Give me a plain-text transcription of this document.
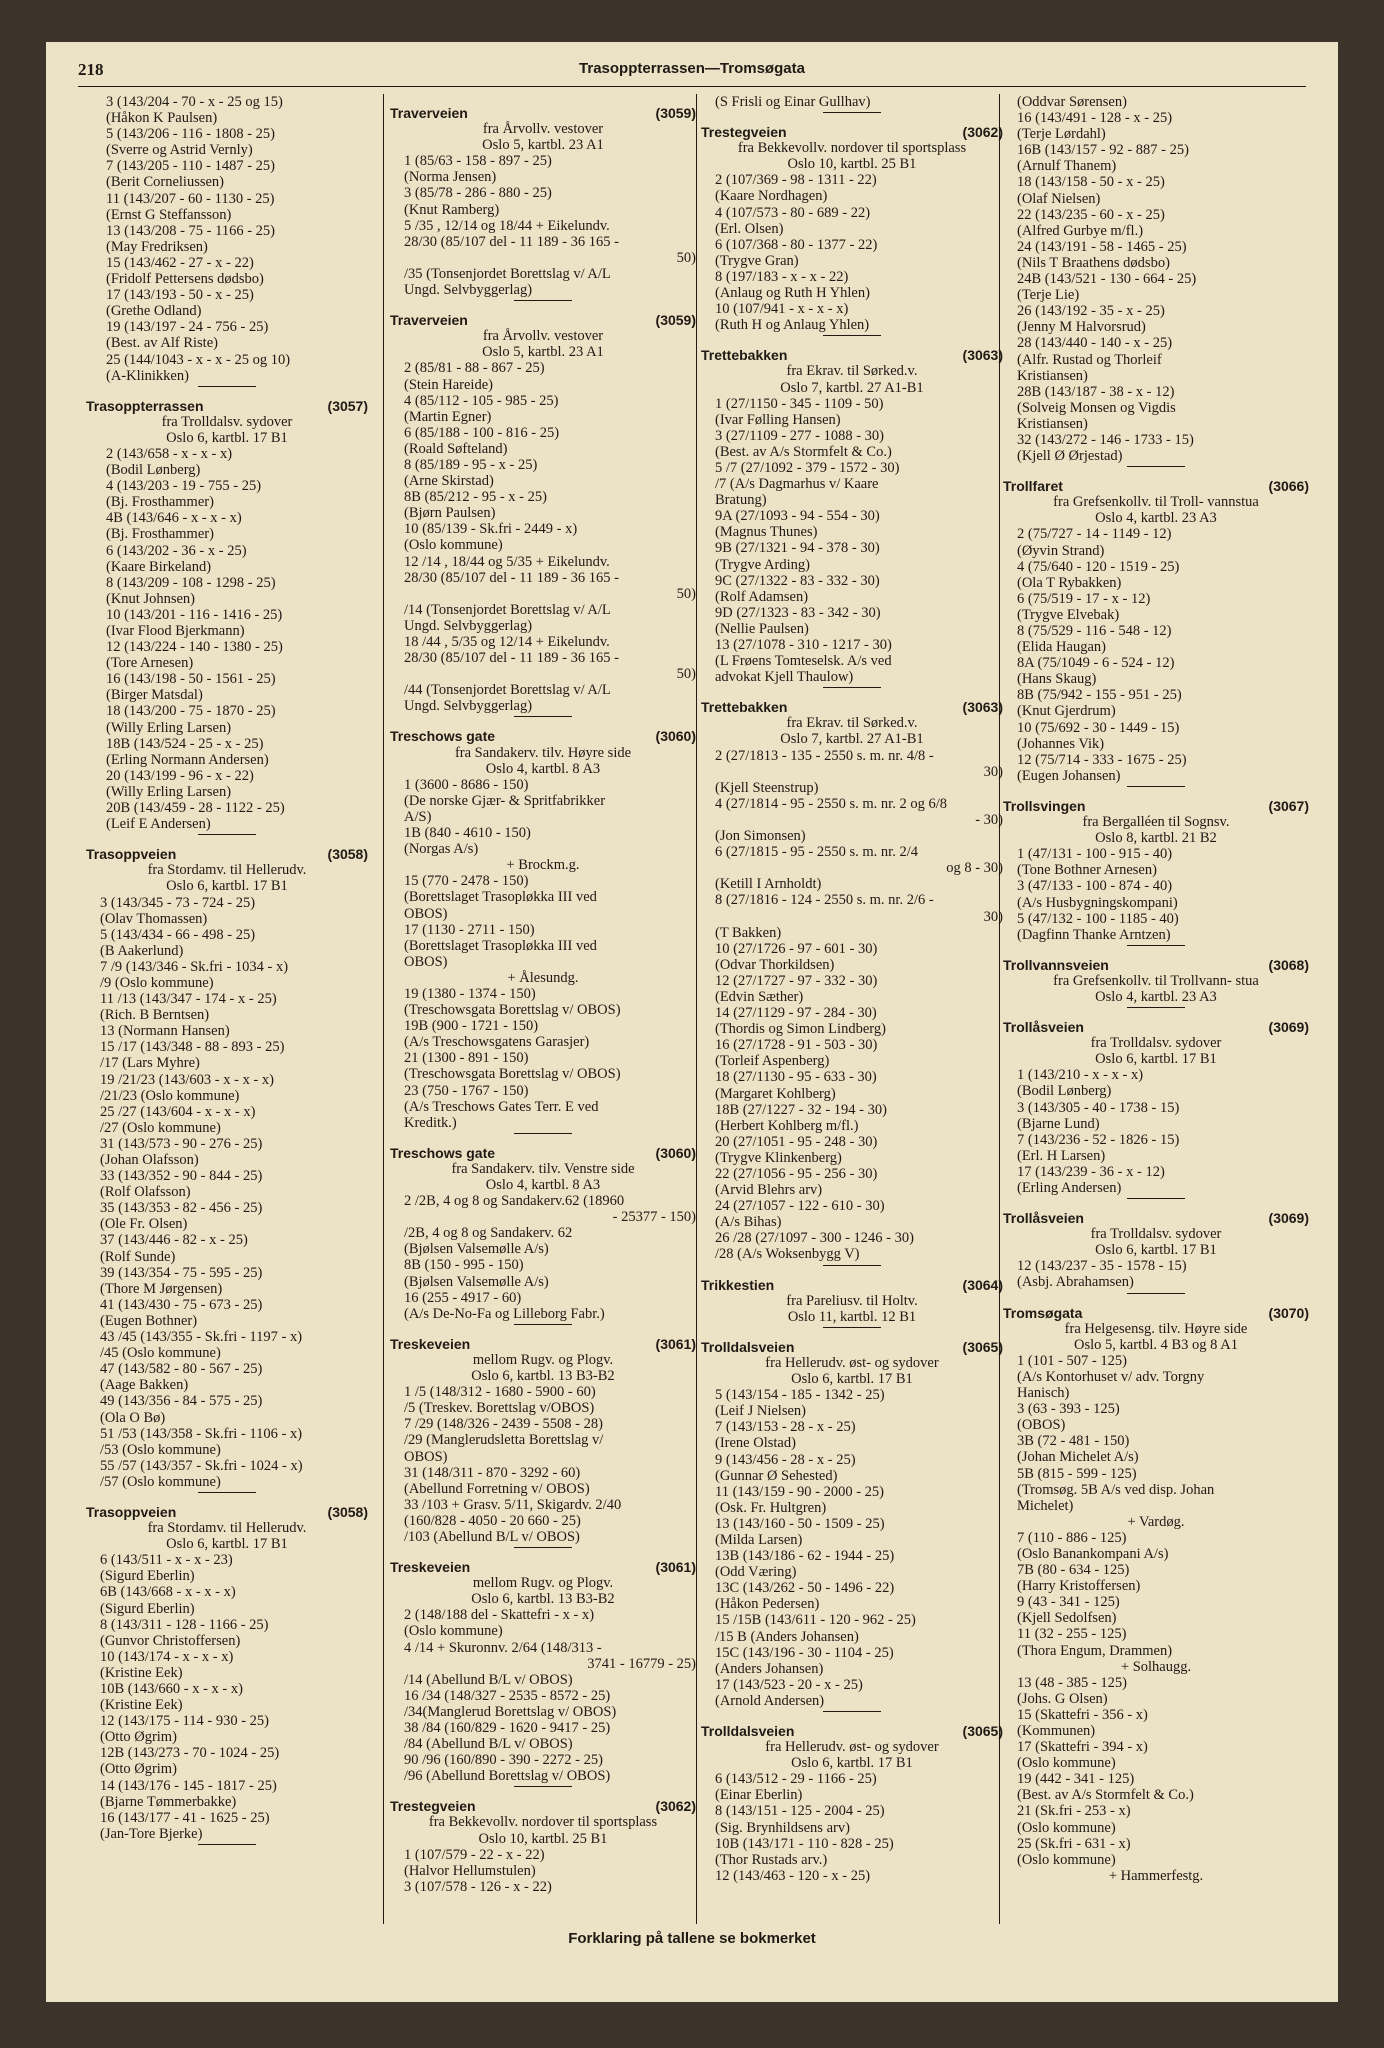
218	Trasoppterrassen—Tromsøgata
3 (143/204 - 70 - x - 25 og 15)
(Håkon K Paulsen)
5 (143/206 - 116 - 1808 - 25)
(Sverre og Astrid Vernly)
7 (143/205 - 110 - 1487 - 25)
(Berit Corneliussen)
11 (143/207 - 60 - 1130 - 25)
(Ernst G Steffansson)
13 (143/208 - 75 - 1166 - 25)
(May Fredriksen)
15 (143/462 - 27 - x - 22)
(Fridolf Pettersens dødsbo)
17 (143/193 - 50 - x - 25)
(Grethe Odland)
19 (143/197 - 24 - 756 - 25)
(Best. av Alf Riste)
25 (144/1043 - x - x - 25 og 10)
(A-Klinikken)
Trasoppterrassen	(3057)
fra Trolldalsv. sydover
Oslo 6, kartbl. 17 B1
2 (143/658 - x - x - x)
(Bodil Lønberg)
4 (143/203 - 19 - 755 - 25)
(Bj. Frosthammer)
4B (143/646 - x - x - x)
(Bj. Frosthammer)
6 (143/202 - 36 - x - 25)
(Kaare Birkeland)
8 (143/209 - 108 - 1298 - 25)
(Knut Johnsen)
10 (143/201 - 116 - 1416 - 25)
(Ivar Flood Bjerkmann)
12 (143/224 - 140 - 1380 - 25)
(Tore Arnesen)
16 (143/198 - 50 - 1561 - 25)
(Birger Matsdal)
18 (143/200 - 75 - 1870 - 25)
(Willy Erling Larsen)
18B (143/524 - 25 - x - 25)
(Erling Normann Andersen)
20 (143/199 - 96 - x - 22)
(Willy Erling Larsen)
20B (143/459 - 28 - 1122 - 25)
(Leif E Andersen)
Trasoppveien	(3058)
fra Stordamv. til Hellerudv.
Oslo 6, kartbl. 17 B1
3 (143/345 - 73 - 724 - 25)
(Olav Thomassen)
5 (143/434 - 66 - 498 - 25)
(B Aakerlund)
7 /9 (143/346 - Sk.fri - 1034 - x)
/9 (Oslo kommune)
11 /13 (143/347 - 174 - x - 25)
(Rich. B Berntsen)
13 (Normann Hansen)
15 /17 (143/348 - 88 - 893 - 25)
/17 (Lars Myhre)
19 /21/23 (143/603 - x - x - x)
/21/23 (Oslo kommune)
25 /27 (143/604 - x - x - x)
/27 (Oslo kommune)
31 (143/573 - 90 - 276 - 25)
(Johan Olafsson)
33 (143/352 - 90 - 844 - 25)
(Rolf Olafsson)
35 (143/353 - 82 - 456 - 25)
(Ole Fr. Olsen)
37 (143/446 - 82 - x - 25)
(Rolf Sunde)
39 (143/354 - 75 - 595 - 25)
(Thore M Jørgensen)
41 (143/430 - 75 - 673 - 25)
(Eugen Bothner)
43 /45 (143/355 - Sk.fri - 1197 - x)
/45 (Oslo kommune)
47 (143/582 - 80 - 567 - 25)
(Aage Bakken)
49 (143/356 - 84 - 575 - 25)
(Ola O Bø)
51 /53 (143/358 - Sk.fri - 1106 - x)
/53 (Oslo kommune)
55 /57 (143/357 - Sk.fri - 1024 - x)
/57 (Oslo kommune)
Trasoppveien	(3058)
fra Stordamv. til Hellerudv.
Oslo 6, kartbl. 17 B1
6 (143/511 - x - x - 23)
(Sigurd Eberlin)
6B (143/668 - x - x - x)
(Sigurd Eberlin)
8 (143/311 - 128 - 1166 - 25)
(Gunvor Christoffersen)
10 (143/174 - x - x - x)
(Kristine Eek)
10B (143/660 - x - x - x)
(Kristine Eek)
12 (143/175 - 114 - 930 - 25)
(Otto Øgrim)
12B (143/273 - 70 - 1024 - 25)
(Otto Øgrim)
14 (143/176 - 145 - 1817 - 25)
(Bjarne Tømmerbakke)
16 (143/177 - 41 - 1625 - 25)
(Jan-Tore Bjerke)
Traverveien	(3059)
fra Årvollv. vestover
Oslo 5, kartbl. 23 A1
1 (85/63 - 158 - 897 - 25)
(Norma Jensen)
3 (85/78 - 286 - 880 - 25)
(Knut Ramberg)
5 /35 , 12/14 og 18/44 + Eikelundv.
28/30 (85/107 del - 11 189 - 36 165 -
50)
/35 (Tonsenjordet Borettslag v/ A/L
Ungd. Selvbyggerlag)
Traverveien	(3059)
fra Årvollv. vestover
Oslo 5, kartbl. 23 A1
2 (85/81 - 88 - 867 - 25)
(Stein Hareide)
4 (85/112 - 105 - 985 - 25)
(Martin Egner)
6 (85/188 - 100 - 816 - 25)
(Roald Søfteland)
8 (85/189 - 95 - x - 25)
(Arne Skirstad)
8B (85/212 - 95 - x - 25)
(Bjørn Paulsen)
10 (85/139 - Sk.fri - 2449 - x)
(Oslo kommune)
12 /14 , 18/44 og 5/35 + Eikelundv.
28/30 (85/107 del - 11 189 - 36 165 -
50)
/14 (Tonsenjordet Borettslag v/ A/L
Ungd. Selvbyggerlag)
18 /44 , 5/35 og 12/14 + Eikelundv.
28/30 (85/107 del - 11 189 - 36 165 -
50)
/44 (Tonsenjordet Borettslag v/ A/L
Ungd. Selvbyggerlag)
Treschows gate	(3060)
fra Sandakerv. tilv. Høyre side
Oslo 4, kartbl. 8 A3
1 (3600 - 8686 - 150)
(De norske Gjær- & Spritfabrikker
A/S)
1B (840 - 4610 - 150)
(Norgas A/s)
+ Brockm.g.
15 (770 - 2478 - 150)
(Borettslaget Trasopløkka III ved
OBOS)
17 (1130 - 2711 - 150)
(Borettslaget Trasopløkka III ved
OBOS)
+ Ålesundg.
19 (1380 - 1374 - 150)
(Treschowsgata Borettslag v/ OBOS)
19B (900 - 1721 - 150)
(A/s Treschowsgatens Garasjer)
21 (1300 - 891 - 150)
(Treschowsgata Borettslag v/ OBOS)
23 (750 - 1767 - 150)
(A/s Treschows Gates Terr. E ved
Kreditk.)
Treschows gate	(3060)
fra Sandakerv. tilv. Venstre side
Oslo 4, kartbl. 8 A3
2 /2B, 4 og 8 og Sandakerv.62 (18960
- 25377 - 150)
/2B, 4 og 8 og Sandakerv. 62
(Bjølsen Valsemølle A/s)
8B (150 - 995 - 150)
(Bjølsen Valsemølle A/s)
16 (255 - 4917 - 60)
(A/s De-No-Fa og Lilleborg Fabr.)
Treskeveien	(3061)
mellom Rugv. og Plogv.
Oslo 6, kartbl. 13 B3-B2
1 /5 (148/312 - 1680 - 5900 - 60)
/5 (Treskev. Borettslag v/OBOS)
7 /29 (148/326 - 2439 - 5508 - 28)
/29 (Manglerudsletta Borettslag v/
OBOS)
31 (148/311 - 870 - 3292 - 60)
(Abellund Forretning v/ OBOS)
33 /103 + Grasv. 5/11, Skigardv. 2/40
(160/828 - 4050 - 20 660 - 25)
/103 (Abellund B/L v/ OBOS)
Treskeveien	(3061)
mellom Rugv. og Plogv.
Oslo 6, kartbl. 13 B3-B2
2 (148/188 del - Skattefri - x - x)
(Oslo kommune)
4 /14 + Skuronnv. 2/64 (148/313 -
3741 - 16779 - 25)
/14 (Abellund B/L v/ OBOS)
16 /34 (148/327 - 2535 - 8572 - 25)
/34(Manglerud Borettslag v/ OBOS)
38 /84 (160/829 - 1620 - 9417 - 25)
/84 (Abellund B/L v/ OBOS)
90 /96 (160/890 - 390 - 2272 - 25)
/96 (Abellund Borettslag v/ OBOS)
Trestegveien	(3062)
fra Bekkevollv. nordover til sportsplass
Oslo 10, kartbl. 25 B1
1 (107/579 - 22 - x - 22)
(Halvor Hellumstulen)
3 (107/578 - 126 - x - 22)
(S Frisli og Einar Gullhav)
Trestegveien	(3062)
fra Bekkevollv. nordover til sportsplass
Oslo 10, kartbl. 25 B1
2 (107/369 - 98 - 1311 - 22)
(Kaare Nordhagen)
4 (107/573 - 80 - 689 - 22)
(Erl. Olsen)
6 (107/368 - 80 - 1377 - 22)
(Trygve Gran)
8 (197/183 - x - x - 22)
(Anlaug og Ruth H Yhlen)
10 (107/941 - x - x - x)
(Ruth H og Anlaug Yhlen)
Trettebakken	(3063)
fra Ekrav. til Sørked.v.
Oslo 7, kartbl. 27 A1-B1
1 (27/1150 - 345 - 1109 - 50)
(Ivar Følling Hansen)
3 (27/1109 - 277 - 1088 - 30)
(Best. av A/s Stormfelt & Co.)
5 /7 (27/1092 - 379 - 1572 - 30)
/7 (A/s Dagmarhus v/ Kaare
Bratung)
9A (27/1093 - 94 - 554 - 30)
(Magnus Thunes)
9B (27/1321 - 94 - 378 - 30)
(Trygve Arding)
9C (27/1322 - 83 - 332 - 30)
(Rolf Adamsen)
9D (27/1323 - 83 - 342 - 30)
(Nellie Paulsen)
13 (27/1078 - 310 - 1217 - 30)
(L Frøens Tomteselsk. A/s ved
advokat Kjell Thaulow)
Trettebakken	(3063)
fra Ekrav. til Sørked.v.
Oslo 7, kartbl. 27 A1-B1
2 (27/1813 - 135 - 2550 s. m. nr. 4/8 -
30)
(Kjell Steenstrup)
4 (27/1814 - 95 - 2550 s. m. nr. 2 og 6/8
- 30)
(Jon Simonsen)
6 (27/1815 - 95 - 2550 s. m. nr. 2/4
og 8 - 30)
(Ketill I Arnholdt)
8 (27/1816 - 124 - 2550 s. m. nr. 2/6 -
30)
(T Bakken)
10 (27/1726 - 97 - 601 - 30)
(Odvar Thorkildsen)
12 (27/1727 - 97 - 332 - 30)
(Edvin Sæther)
14 (27/1129 - 97 - 284 - 30)
(Thordis og Simon Lindberg)
16 (27/1728 - 91 - 503 - 30)
(Torleif Aspenberg)
18 (27/1130 - 95 - 633 - 30)
(Margaret Kohlberg)
18B (27/1227 - 32 - 194 - 30)
(Herbert Kohlberg m/fl.)
20 (27/1051 - 95 - 248 - 30)
(Trygve Klinkenberg)
22 (27/1056 - 95 - 256 - 30)
(Arvid Blehrs arv)
24 (27/1057 - 122 - 610 - 30)
(A/s Bihas)
26 /28 (27/1097 - 300 - 1246 - 30)
/28 (A/s Woksenbygg V)
Trikkestien	(3064)
fra Pareliusv. til Holtv.
Oslo 11, kartbl. 12 B1
Trolldalsveien	(3065)
fra Hellerudv. øst- og sydover
Oslo 6, kartbl. 17 B1
5 (143/154 - 185 - 1342 - 25)
(Leif J Nielsen)
7 (143/153 - 28 - x - 25)
(Irene Olstad)
9 (143/456 - 28 - x - 25)
(Gunnar Ø Sehested)
11 (143/159 - 90 - 2000 - 25)
(Osk. Fr. Hultgren)
13 (143/160 - 50 - 1509 - 25)
(Milda Larsen)
13B (143/186 - 62 - 1944 - 25)
(Odd Væring)
13C (143/262 - 50 - 1496 - 22)
(Håkon Pedersen)
15 /15B (143/611 - 120 - 962 - 25)
/15 B (Anders Johansen)
15C (143/196 - 30 - 1104 - 25)
(Anders Johansen)
17 (143/523 - 20 - x - 25)
(Arnold Andersen)
Trolldalsveien	(3065)
fra Hellerudv. øst- og sydover
Oslo 6, kartbl. 17 B1
6 (143/512 - 29 - 1166 - 25)
(Einar Eberlin)
8 (143/151 - 125 - 2004 - 25)
(Sig. Brynhildsens arv)
10B (143/171 - 110 - 828 - 25)
(Thor Rustads arv.)
12 (143/463 - 120 - x - 25)
(Oddvar Sørensen)
16 (143/491 - 128 - x - 25)
(Terje Lørdahl)
16B (143/157 - 92 - 887 - 25)
(Arnulf Thanem)
18 (143/158 - 50 - x - 25)
(Olaf Nielsen)
22 (143/235 - 60 - x - 25)
(Alfred Gurbye m/fl.)
24 (143/191 - 58 - 1465 - 25)
(Nils T Braathens dødsbo)
24B (143/521 - 130 - 664 - 25)
(Terje Lie)
26 (143/192 - 35 - x - 25)
(Jenny M Halvorsrud)
28 (143/440 - 140 - x - 25)
(Alfr. Rustad og Thorleif
Kristiansen)
28B (143/187 - 38 - x - 12)
(Solveig Monsen og Vigdis
Kristiansen)
32 (143/272 - 146 - 1733 - 15)
(Kjell Ø Ørjestad)
Trollfaret	(3066)
fra Grefsenkollv. til Troll- vannstua
Oslo 4, kartbl. 23 A3
2 (75/727 - 14 - 1149 - 12)
(Øyvin Strand)
4 (75/640 - 120 - 1519 - 25)
(Ola T Rybakken)
6 (75/519 - 17 - x - 12)
(Trygve Elvebak)
8 (75/529 - 116 - 548 - 12)
(Elida Haugan)
8A (75/1049 - 6 - 524 - 12)
(Hans Skaug)
8B (75/942 - 155 - 951 - 25)
(Knut Gjerdrum)
10 (75/692 - 30 - 1449 - 15)
(Johannes Vik)
12 (75/714 - 333 - 1675 - 25)
(Eugen Johansen)
Trollsvingen	(3067)
fra Bergalléen til Sognsv.
Oslo 8, kartbl. 21 B2
1 (47/131 - 100 - 915 - 40)
(Tone Bothner Arnesen)
3 (47/133 - 100 - 874 - 40)
(A/s Husbygningskompani)
5 (47/132 - 100 - 1185 - 40)
(Dagfinn Thanke Arntzen)
Trollvannsveien	(3068)
fra Grefsenkollv. til Trollvann- stua
Oslo 4, kartbl. 23 A3
Trollåsveien	(3069)
fra Trolldalsv. sydover
Oslo 6, kartbl. 17 B1
1 (143/210 - x - x - x)
(Bodil Lønberg)
3 (143/305 - 40 - 1738 - 15)
(Bjarne Lund)
7 (143/236 - 52 - 1826 - 15)
(Erl. H Larsen)
17 (143/239 - 36 - x - 12)
(Erling Andersen)
Trollåsveien	(3069)
fra Trolldalsv. sydover
Oslo 6, kartbl. 17 B1
12 (143/237 - 35 - 1578 - 15)
(Asbj. Abrahamsen)
Tromsøgata	(3070)
fra Helgesensg. tilv. Høyre side
Oslo 5, kartbl. 4 B3 og 8 A1
1 (101 - 507 - 125)
(A/s Kontorhuset v/ adv. Torgny
Hanisch)
3 (63 - 393 - 125)
(OBOS)
3B (72 - 481 - 150)
(Johan Michelet A/s)
5B (815 - 599 - 125)
(Tromsøg. 5B A/s ved disp. Johan
Michelet)
+ Vardøg.
7 (110 - 886 - 125)
(Oslo Banankompani A/s)
7B (80 - 634 - 125)
(Harry Kristoffersen)
9 (43 - 341 - 125)
(Kjell Sedolfsen)
11 (32 - 255 - 125)
(Thora Engum, Drammen)
+ Solhaugg.
13 (48 - 385 - 125)
(Johs. G Olsen)
15 (Skattefri - 356 - x)
(Kommunen)
17 (Skattefri - 394 - x)
(Oslo kommune)
19 (442 - 341 - 125)
(Best. av A/s Stormfelt & Co.)
21 (Sk.fri - 253 - x)
(Oslo kommune)
25 (Sk.fri - 631 - x)
(Oslo kommune)
+ Hammerfestg.
Forklaring på tallene se bokmerket
